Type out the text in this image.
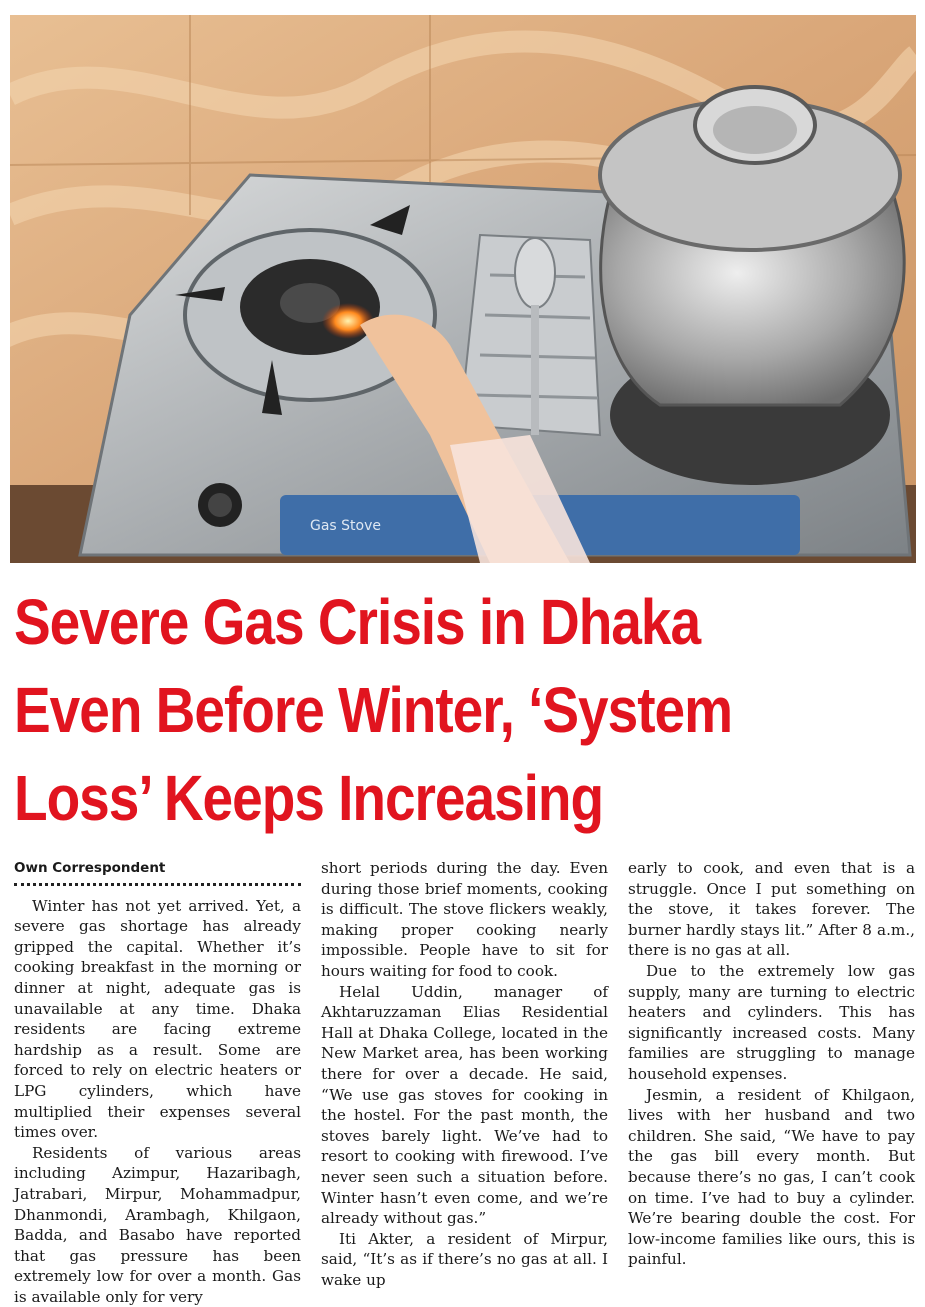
Gas Stove
Severe Gas Crisis in Dhaka
Even Before Winter, ‘System
Loss’ Keeps Increasing
Own Correspondent

Winter has not yet arrived. Yet, a severe gas shortage has already gripped the capital. Whether it’s cooking breakfast in the morning or dinner at night, adequate gas is unavailable at any time. Dhaka residents are facing extreme hardship as a result. Some are forced to rely on electric heaters or LPG cylinders, which have multiplied their expenses several times over.

Residents of various areas including Azimpur, Hazaribagh, Jatrabari, Mirpur, Mohammadpur, Dhanmondi, Arambagh, Khilgaon, Badda, and Basabo have reported that gas pressure has been extremely low for over a month. Gas is available only for very

short periods during the day. Even during those brief moments, cooking is difficult. The stove flickers weakly, making proper cooking nearly impossible. People have to sit for hours waiting for food to cook.

Helal Uddin, manager of Akhtaruzzaman Elias Residential Hall at Dhaka College, located in the New Market area, has been working there for over a decade. He said, “We use gas stoves for cooking in the hostel. For the past month, the stoves barely light. We’ve had to resort to cooking with firewood. I’ve never seen such a situation before. Winter hasn’t even come, and we’re already without gas.”

Iti Akter, a resident of Mirpur, said, “It’s as if there’s no gas at all. I wake up

early to cook, and even that is a struggle. Once I put something on the stove, it takes forever. The burner hardly stays lit.” After 8 a.m., there is no gas at all.

Due to the extremely low gas supply, many are turning to electric heaters and cylinders. This has significantly increased costs. Many families are struggling to manage household expenses.

Jesmin, a resident of Khilgaon, lives with her husband and two children. She said, “We have to pay the gas bill every month. But because there’s no gas, I can’t cook on time. I’ve had to buy a cylinder. We’re bearing double the cost. For low-income families like ours, this is painful.
